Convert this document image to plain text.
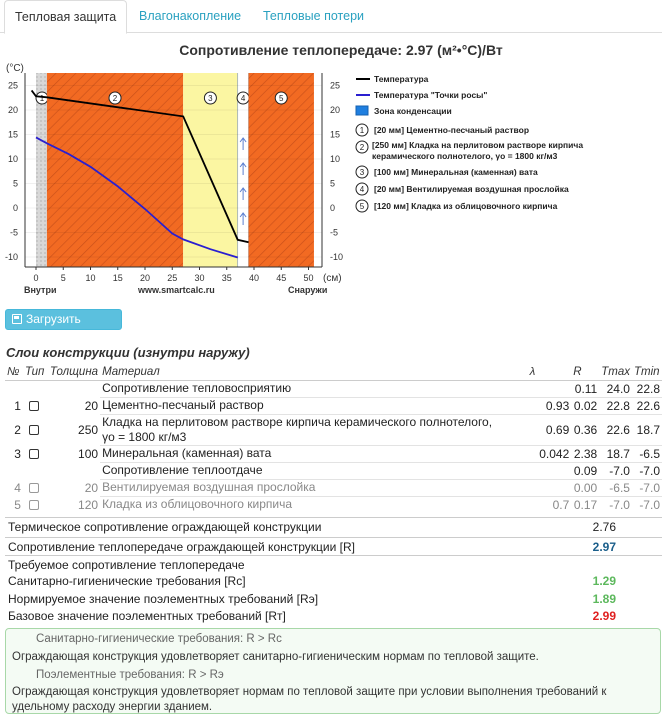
Тепловая защита	Влагонакопление	Тепловые потери
Сопротивление теплопередаче: 2.97 (м²•°C)/Вт
1	2	3	4	5
-10	-10
-5	-5
0	0
5	5
10	10
15	15
20	20
25	25
0 5 10 15 20 25 30 35 40 45 50
(°C)
(см)
Внутри	www.smartcalc.ru	Снаружи
Температура
Температура "Точки росы"
Зона конденсации
1 [20 мм] Цементно-песчаный раствор
2 [250 мм] Кладка на перлитовом растворе кирпича керамического полнотелого, γо = 1800 кг/м3
3 [100 мм] Минеральная (каменная) вата
4 [20 мм] Вентилируемая воздушная прослойка
5 [120 мм] Кладка из облицовочного кирпича
Загрузить график
Слои конструкции (изнутри наружу)
№	Тип	Толщина	Материал	λ	R	Tmax	Tmin
			Сопротивление тепловосприятию		0.11	24.0	22.8
1		20	Цементно-песчаный раствор	0.93	0.02	22.8	22.6
2		250	Кладка на перлитовом растворе кирпича керамического полнотелого, γо = 1800 кг/м3	0.69	0.36	22.6	18.7
3		100	Минеральная (каменная) вата	0.042	2.38	18.7	-6.5
			Сопротивление теплоотдаче		0.09	-7.0	-7.0
4		20	Вентилируемая воздушная прослойка		0.00	-6.5	-7.0
5		120	Кладка из облицовочного кирпича	0.7	0.17	-7.0	-7.0
Термическое сопротивление ограждающей конструкции	2.76
Сопротивление теплопередаче ограждающей конструкции [R]	2.97
Требуемое сопротивление теплопередаче
Санитарно-гигиенические требования [Rс]	1.29
Нормируемое значение поэлементных требований [Rэ]	1.89
Базовое значение поэлементных требований [Rт]	2.99
Санитарно-гигиенические требования: R > Rс
Ограждающая конструкция удовлетворяет санитарно-гигиеническим нормам по тепловой защите.
Поэлементные требования: R > Rэ
Ограждающая конструкция удовлетворяет нормам по тепловой защите при условии выполнения требований к удельному расходу энергии зданием.
